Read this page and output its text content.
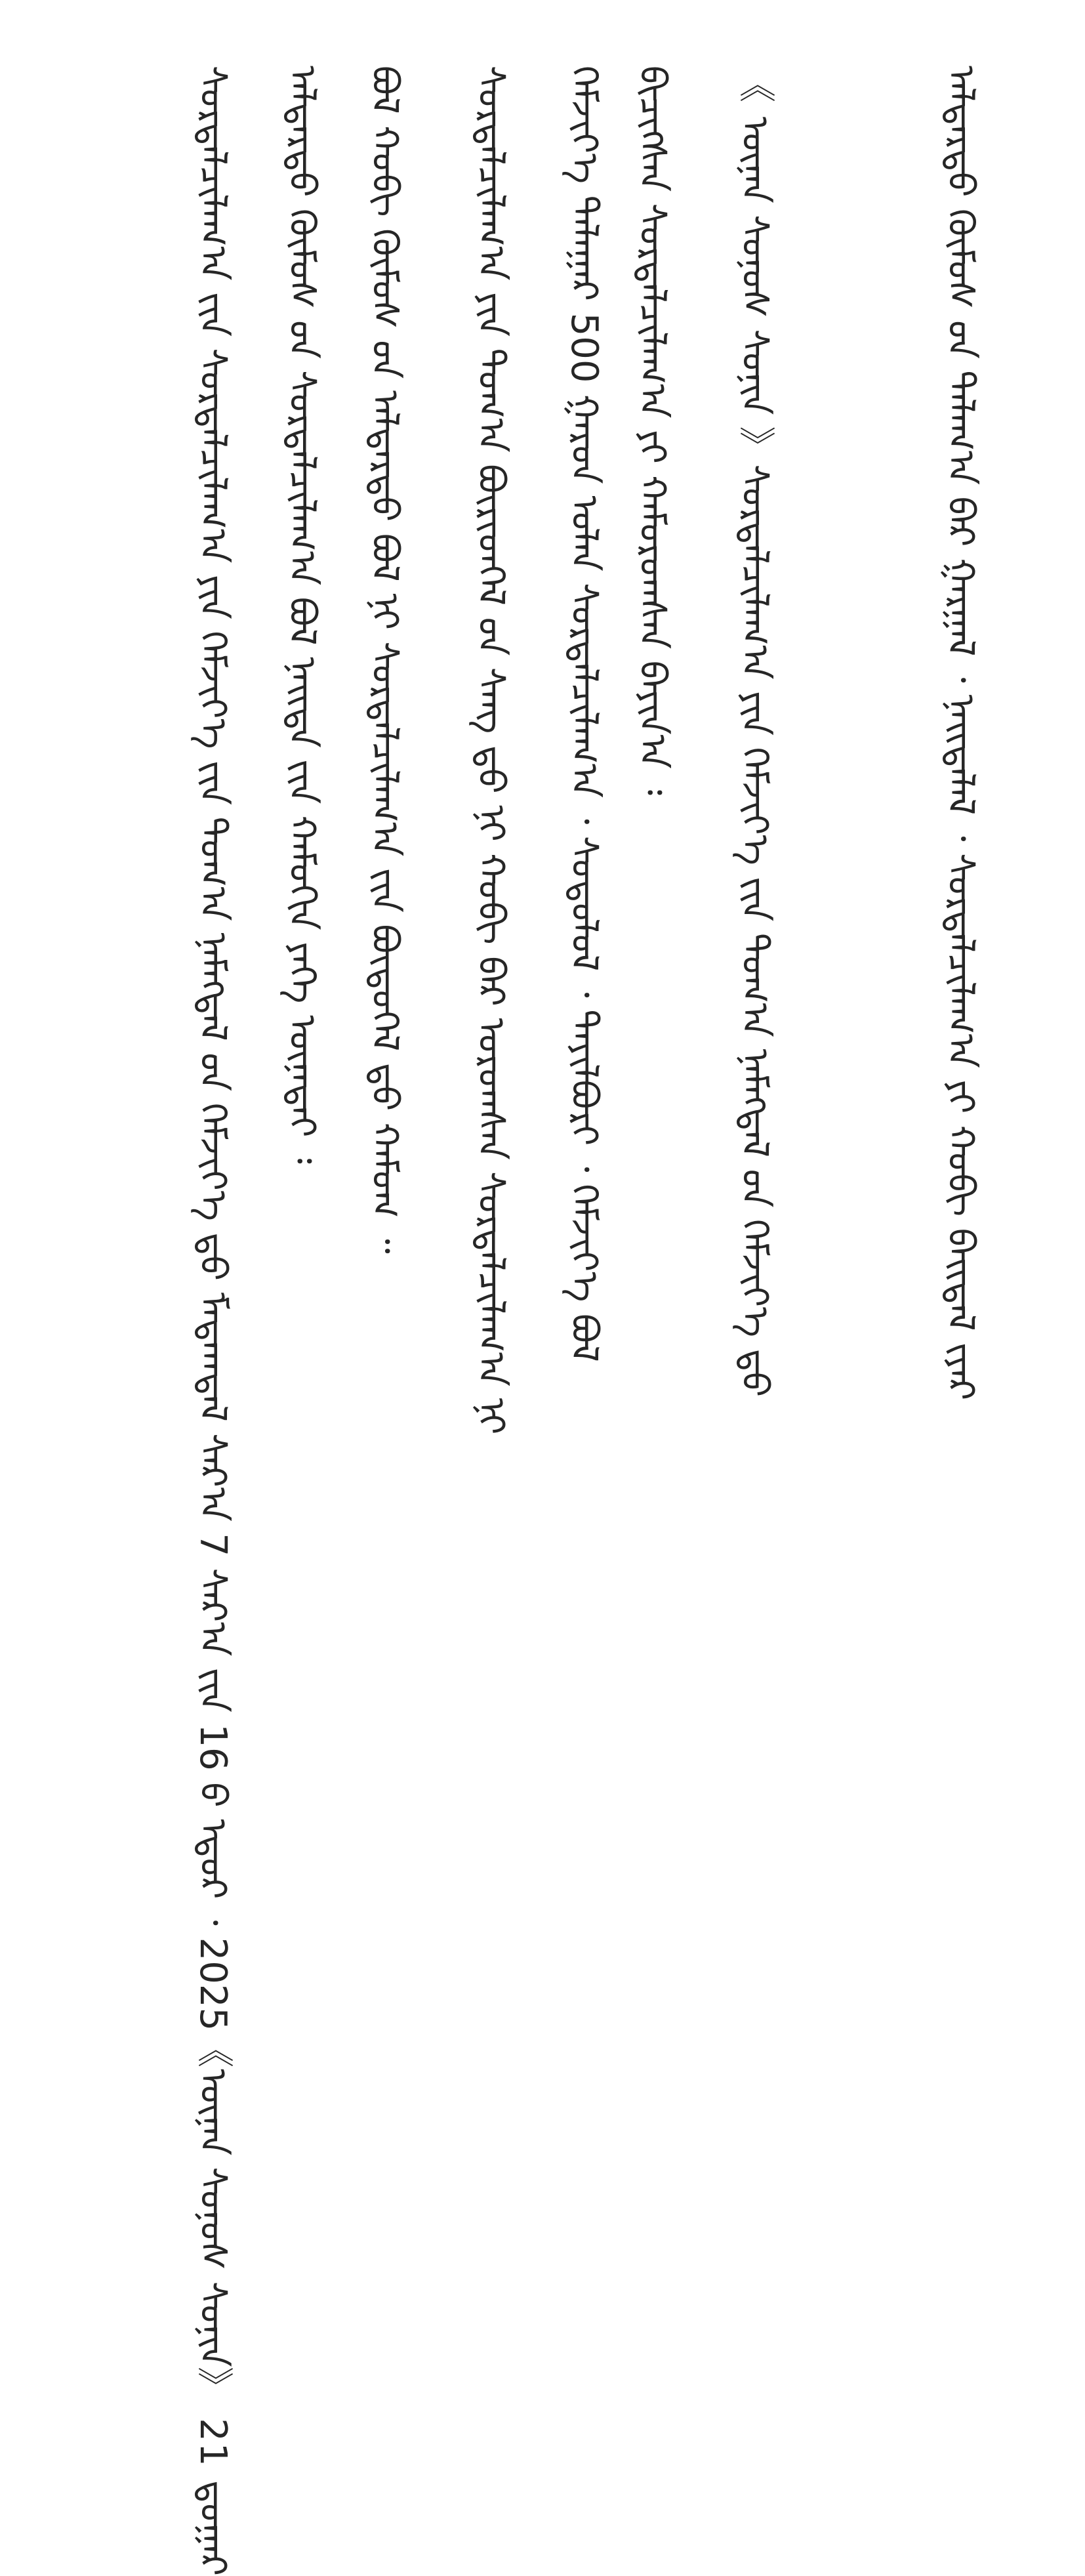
ᠠᠯᠳᠠᠷᠲᠤ ᠬᠦᠮᠦᠰ ᠤ᠋ᠨ ᠲᠠᠯᠠᠭ᠎ᠠ ᠪᠡᠷ ᠭᠠᠷᠭᠠᠯ ᠂ ᠨᠡᠢᠲᠡᠯᠡᠯ ᠂ ᠰᠤᠷᠲᠠᠯᠴᠢᠯᠠᠭ᠎ᠠ ᠶᠢ ᠬᠤᠪᠢ ᠪᠠᠢᠳᠠᠯ ᠢ᠋ᠶᠠᠷ
《 ᠦᠨᠡᠨ ᠰᠤᠨᠤᠰ ᠰᠣᠨᠢᠨ 》ᠰᠤᠷᠲᠠᠯᠴᠢᠯᠠᠭ᠎ᠠ ᠶᠢᠨ ᠬᠡᠮᠵᠢᠶ᠎ᠡ ᠶ᠋ᠢᠨ ᠲᠣᠭ᠎ᠠ ᠨᠡᠮᠡᠭᠳᠡᠯ ᠤ᠋ᠨ ᠬᠡᠮᠵᠢᠶ᠎ᠡ ᠳ᠋ᠤ
ᠪᠢᠴᠢᠭᠰᠡᠨ ᠰᠤᠷᠲᠠᠯᠴᠢᠯᠠᠭ᠎ᠠ ᠶᠢ ᠬᠠᠮᠤᠷᠤᠭᠰᠠᠨ ᠪᠠᠶᠢᠨ᠎ᠠ ᠄
ᠬᠡᠮᠵᠢᠶ᠎ᠡ ᠲᠠᠯᠠᠭᠠᠷ 500 ᠭᠠᠷᠤᠨ ᠣᠯᠠᠨ ᠰᠤᠷᠲᠠᠯᠴᠢᠯᠠᠭ᠎ᠠ ᠂ ᠰᠤᠳᠤᠯᠤᠯ ᠂ ᠲᠠᠶᠢᠯᠪᠤᠷᠢ ᠂ ᠬᠡᠮᠵᠢᠶ᠎ᠡ ᠪᠣᠯ
ᠰᠤᠷᠲᠠᠯᠴᠢᠯᠠᠭ᠎ᠠ ᠶᠢᠨ ᠲᠣᠭ᠎ᠠ ᠪᠦᠷᠢᠳᠬᠡᠯ ᠦ᠋ᠨ ᠰᠠᠩ ᠳ᠋ᠤ ᠨᠢ ᠬᠤᠪᠢ ᠪᠡᠷ ᠣᠷᠤᠭᠰᠠᠨ ᠰᠤᠷᠲᠠᠯᠴᠢᠯᠠᠭ᠎ᠠ ᠨᠢ
ᠪᠣᠯ ᠬᠤᠪᠢ ᠬᠦᠮᠦᠰ ᠤ᠋ᠨ ᠠᠯᠳᠠᠷᠲᠤ ᠪᠣᠯ ᠨᠢ ᠰᠤᠷᠲᠠᠯᠴᠢᠯᠠᠭ᠎ᠠ ᠶ᠋ᠢᠨ ᠪᠦᠲᠦᠭᠡᠯ ᠳ᠋ᠤ ᠬᠠᠮᠤᠭ ᠃
ᠠᠯᠳᠠᠷᠲᠤ ᠬᠦᠮᠦᠰ ᠤ᠋ᠨ ᠰᠤᠷᠲᠠᠯᠴᠢᠯᠠᠭ᠎ᠠ ᠪᠣᠯ ᠨᠡᠢᠲᠡ ᠶ᠋ᠢᠨ ᠬᠠᠮᠤᠭᠢᠨ ᠶᠡᠬᠡ ᠦᠨᠡᠲᠡᠢ ᠄
ᠰᠤᠷᠲᠠᠯᠴᠢᠯᠠᠭ᠎ᠠ ᠶ᠋ᠢᠨ ᠰᠤᠷᠲᠠᠯᠴᠢᠯᠠᠭ᠎ᠠ ᠶᠢᠨ ᠬᠡᠮᠵᠢᠶ᠎ᠡ ᠶ᠋ᠢᠨ ᠲᠣᠭ᠎ᠠ ᠨᠡᠮᠡᠭᠳᠡᠯ ᠤ᠋ᠨ ᠬᠡᠮᠵᠢᠶ᠎ᠡ ᠳ᠋ᠤ ᠮᠡᠳᠡᠭ᠍ᠳᠡᠯ ᠰᠠᠷ᠎ᠠ 7 ᠰᠠᠷ᠎ᠠ ᠶ᠋ᠢᠨ 16 ᠤ᠋ ᠡᠳᠦᠷ ᠂ 2025《ᠦᠨᠡᠨ ᠰᠤᠨᠤᠰ ᠰᠣᠨᠢᠨ》 21 ᠳ᠋ᠤᠭᠠᠷ
